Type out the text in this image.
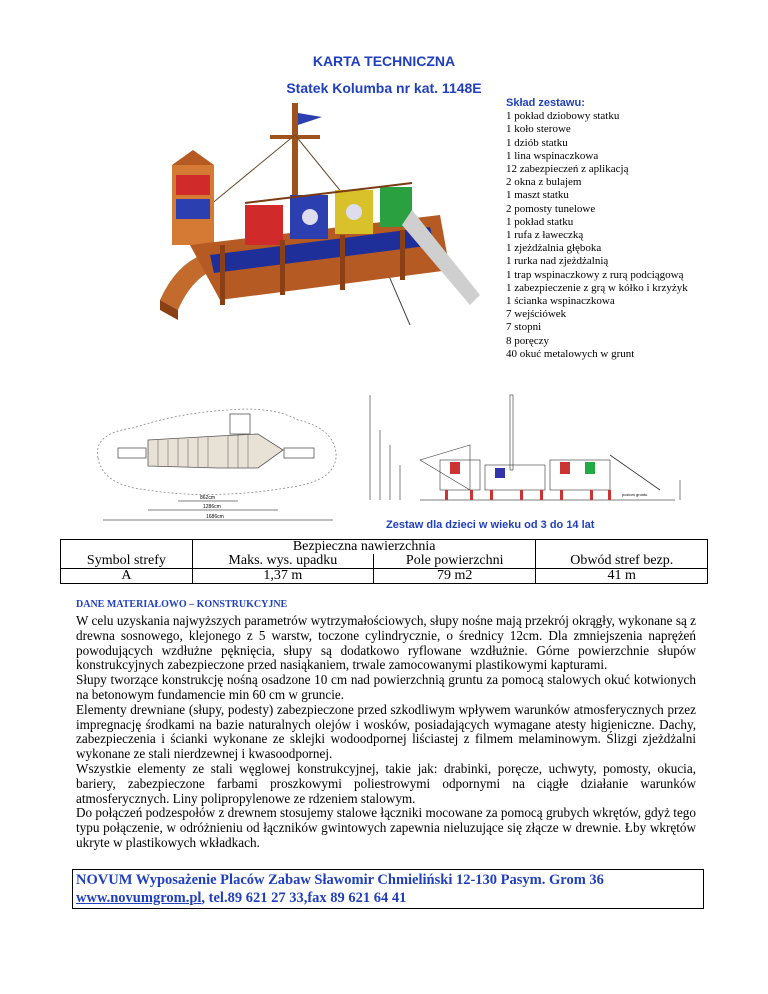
KARTA TECHNICZNA
Statek Kolumba nr kat. 1148E
Skład zestawu:
1 pokład dziobowy statku
1 koło sterowe
1 dziób statku
1 lina wspinaczkowa
12 zabezpieczeń z aplikacją
2 okna z bulajem
1 maszt statku
2 pomosty tunelowe
1 pokład statku
1 rufa z ławeczką
1 zjeżdżalnia głęboka
1 rurka nad zjeżdżalnią
1 trap wspinaczkowy z rurą podciągową
1 zabezpieczenie z grą w kółko i krzyżyk
1 ścianka wspinaczkowa
7 wejściówek
7 stopni
8 poręczy
40 okuć metalowych w grunt
862cm
1286cm
1686cm
poziom gruntu
Zestaw dla dzieci w wieku od 3 do 14 lat
	Bezpieczna nawierzchnia		
Symbol strefy	Maks. wys. upadku	Pole powierzchni	Obwód stref bezp.
A	1,37 m	79 m2	41 m
DANE MATERIAŁOWO – KONSTRUKCYJNE

W celu uzyskania najwyższych parametrów wytrzymałościowych, słupy nośne mają przekrój okrągły, wykonane są z drewna sosnowego, klejonego z 5 warstw, toczone cylindrycznie, o średnicy 12cm. Dla zmniejszenia naprężeń powodujących wzdłużne pęknięcia, słupy są dodatkowo ryflowane wzdłużnie. Górne powierzchnie słupów konstrukcyjnych zabezpieczone przed nasiąkaniem, trwale zamocowanymi plastikowymi kapturami.

Słupy tworzące konstrukcję nośną osadzone 10 cm nad powierzchnią gruntu za pomocą stalowych okuć kotwionych na betonowym fundamencie min 60 cm w gruncie.

Elementy drewniane (słupy, podesty) zabezpieczone przed szkodliwym wpływem warunków atmosferycznych przez impregnację środkami na bazie naturalnych olejów i wosków, posiadających wymagane atesty higieniczne. Dachy, zabezpieczenia i ścianki wykonane ze sklejki wodoodpornej liściastej z filmem melaminowym. Ślizgi zjeżdżalni wykonane ze stali nierdzewnej i kwasoodpornej.

Wszystkie elementy ze stali węglowej konstrukcyjnej, takie jak: drabinki, poręcze, uchwyty, pomosty, okucia, bariery, zabezpieczone farbami proszkowymi poliestrowymi odpornymi na ciągłe działanie warunków atmosferycznych. Liny polipropylenowe ze rdzeniem stalowym.

Do połączeń podzespołów z drewnem stosujemy stalowe łączniki mocowane za pomocą grubych wkrętów, gdyż tego typu połączenie, w odróżnieniu od łączników gwintowych zapewnia nieluzujące się złącze w drewnie. Łby wkrętów ukryte w plastikowych wkładkach.

NOVUM Wyposażenie Placów Zabaw Sławomir Chmieliński 12-130 Pasym. Grom 36
www.novumgrom.pl, tel.89 621 27 33,fax 89 621 64 41
